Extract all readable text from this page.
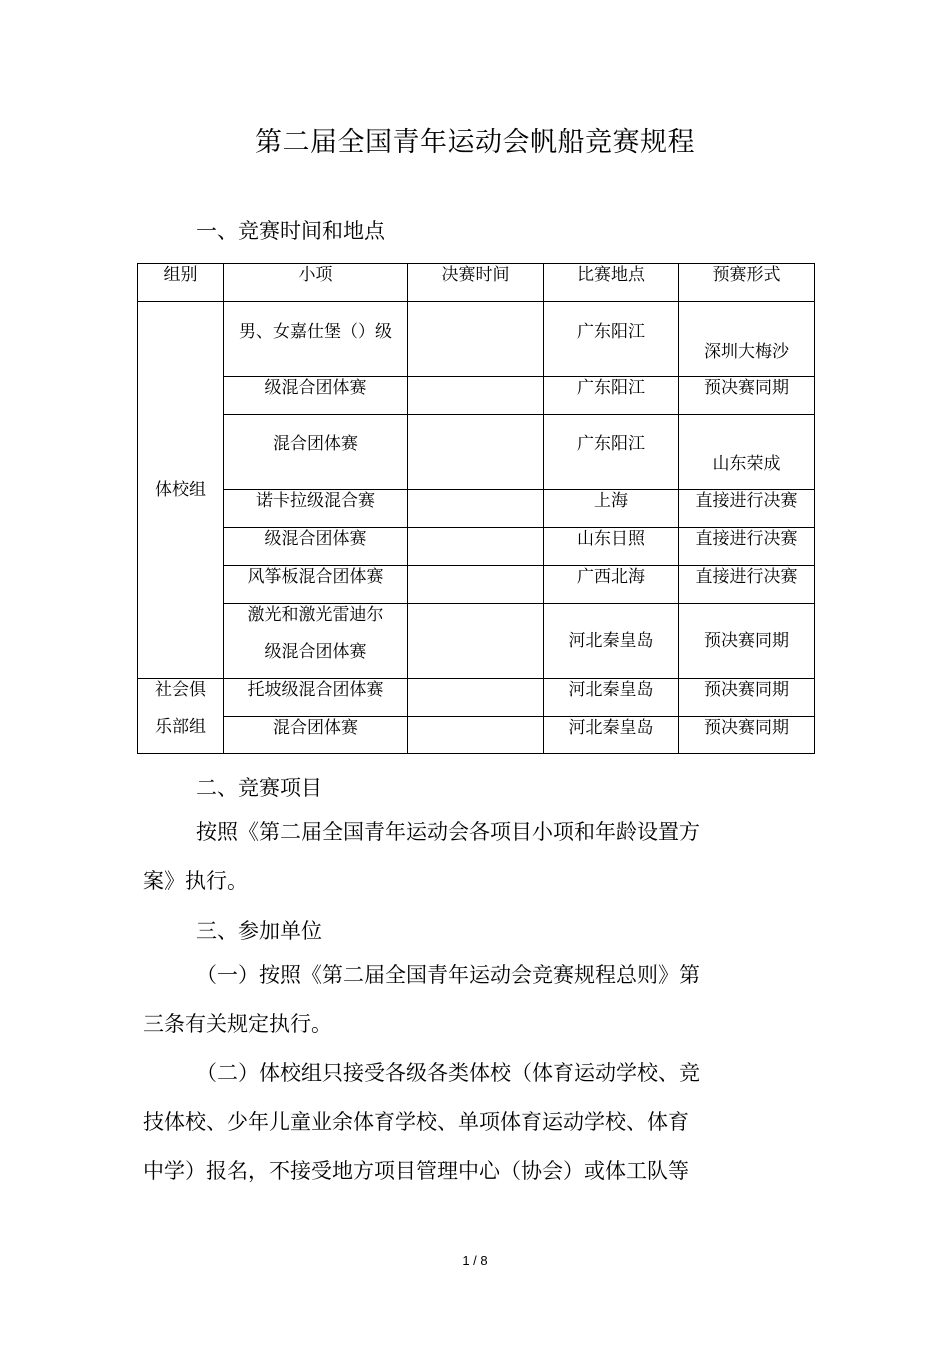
第二届全国青年运动会帆船竞赛规程
一、竞赛时间和地点
组别	小项	决赛时间	比赛地点	预赛形式

体校组	男、女嘉仕堡（）级		广东阳江	深圳大梅沙

	级混合团体赛		广东阳江	预决赛同期

	混合团体赛		广东阳江	山东荣成

	诺卡拉级混合赛		上海	直接进行决赛

	级混合团体赛		山东日照	直接进行决赛

	风筝板混合团体赛		广西北海	直接进行决赛

	激光和激光雷迪尔
级混合团体赛		河北秦皇岛	预决赛同期

社会俱
乐部组	托坡级混合团体赛		河北秦皇岛	预决赛同期

	混合团体赛		河北秦皇岛	预决赛同期
二、竞赛项目
按照《第二届全国青年运动会各项目小项和年龄设置方
案》执行。
三、参加单位
（一）按照《第二届全国青年运动会竞赛规程总则》第
三条有关规定执行。
（二）体校组只接受各级各类体校（体育运动学校、竞
技体校、少年儿童业余体育学校、单项体育运动学校、体育
中学）报名，不接受地方项目管理中心（协会）或体工队等
1 / 8
